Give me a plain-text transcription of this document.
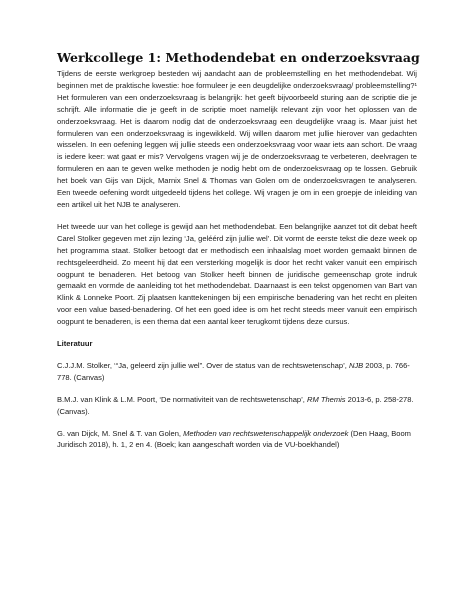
Werkcollege 1: Methodendebat en onderzoeksvraag

Tijdens de eerste werkgroep besteden wij aandacht aan de probleemstelling en het methodendebat. Wij beginnen met de praktische kwestie: hoe formuleer je een deugdelijke onderzoeksvraag/ probleemstelling?¹ Het formuleren van een onderzoeksvraag is belangrijk: het geeft bijvoorbeeld sturing aan de scriptie die je schrijft. Alle informatie die je geeft in de scriptie moet namelijk relevant zijn voor het oplossen van de onderzoeksvraag. Het is daarom nodig dat de onderzoeksvraag een deugdelijke vraag is. Maar juist het formuleren van een onderzoeksvraag is ingewikkeld. Wij willen daarom met jullie hierover van gedachten wisselen. In een oefening leggen wij jullie steeds een onderzoeksvraag voor waar iets aan schort. De vraag is iedere keer: wat gaat er mis? Vervolgens vragen wij je de onderzoeksvraag te verbeteren, deelvragen te formuleren en aan te geven welke methoden je nodig hebt om de onderzoeksvraag op te lossen. Gebruik het boek van Gijs van Dijck, Marnix Snel & Thomas van Golen om de onderzoeksvragen te analyseren. Een tweede oefening wordt uitgedeeld tijdens het college. Wij vragen je om in een groepje de inleiding van een artikel uit het NJB te analyseren.

Het tweede uur van het college is gewijd aan het methodendebat. Een belangrijke aanzet tot dit debat heeft Carel Stolker gegeven met zijn lezing ‘Ja, geléérd zijn jullie wel’. Dit vormt de eerste tekst die deze week op het programma staat. Stolker betoogt dat er methodisch een inhaalslag moet worden gemaakt binnen de rechtsgeleerdheid. Zo meent hij dat een versterking mogelijk is door het recht vaker vanuit een empirisch oogpunt te benaderen. Het betoog van Stolker heeft binnen de juridische gemeenschap grote indruk gemaakt en vormde de aanleiding tot het methodendebat. Daarnaast is een tekst opgenomen van Bart van Klink & Lonneke Poort. Zij plaatsen kanttekeningen bij een empirische benadering van het recht en pleiten voor een value based-benadering. Of het een goed idee is om het recht steeds meer vanuit een empirisch oogpunt te benaderen, is een thema dat een aantal keer terugkomt tijdens deze cursus.

Literatuur
C.J.J.M. Stolker, ‘“Ja, geleerd zijn jullie wel”. Over de status van de rechtswetenschap’, NJB 2003, p. 766- 778. (Canvas)
B.M.J. van Klink & L.M. Poort, ‘De normativiteit van de rechtswetenschap’, RM Themis 2013-6, p. 258-278. (Canvas).
G. van Dijck, M. Snel & T. van Golen, Methoden van rechtswetenschappelijk onderzoek (Den Haag, Boom Juridisch 2018), h. 1, 2 en 4. (Boek; kan aangeschaft worden via de VU-boekhandel)
